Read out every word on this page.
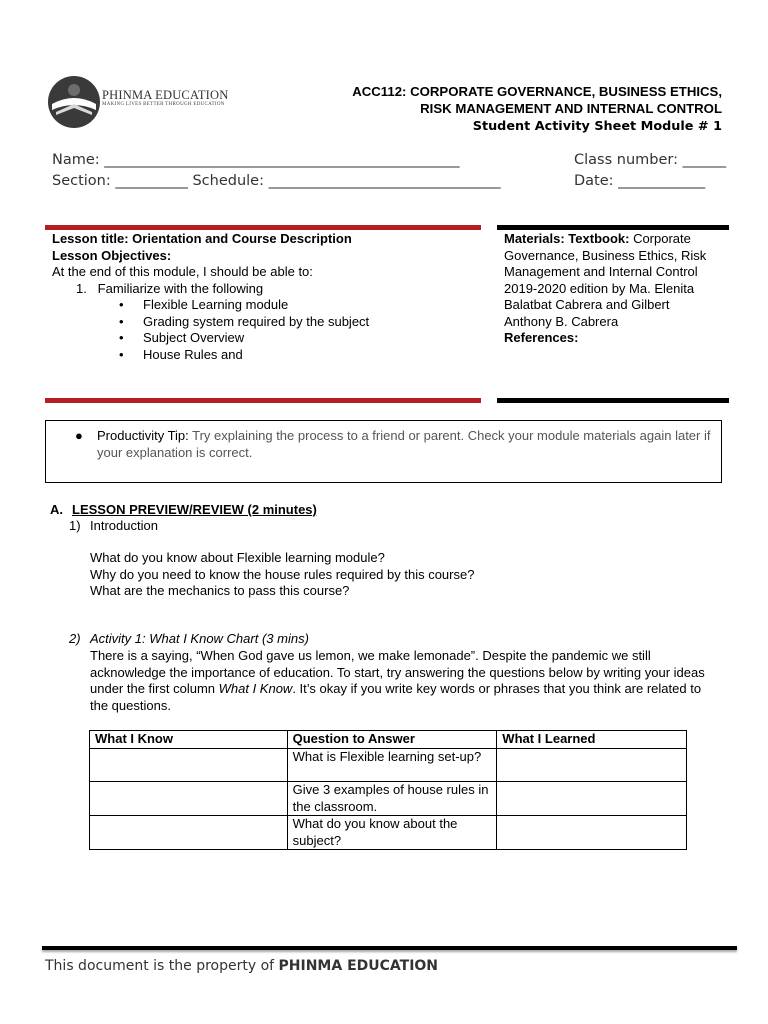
PHINMA EDUCATION
MAKING LIVES BETTER THROUGH EDUCATION
ACC112: CORPORATE GOVERNANCE, BUSINESS ETHICS,
RISK MANAGEMENT AND INTERNAL CONTROL
Student Activity Sheet Module # 1
Name: _________________________________________________
Section: __________ Schedule: ________________________________
Class number: ______
Date: ____________
Lesson title: Orientation and Course Description
Lesson Objectives:
At the end of this module, I should be able to:
1.   Familiarize with the following
• Flexible Learning module
• Grading system required by the subject
• Subject Overview
• House Rules and
Materials: Textbook: Corporate
Governance, Business Ethics, Risk
Management and Internal Control
2019-2020 edition by Ma. Elenita
Balatbat Cabrera and Gilbert
Anthony B. Cabrera
References:
● Productivity Tip: Try explaining the process to a friend or parent. Check your module materials again later if your explanation is correct.
A. LESSON PREVIEW/REVIEW (2 minutes)
1) Introduction
What do you know about Flexible learning module?
Why do you need to know the house rules required by this course?
What are the mechanics to pass this course?
2) Activity 1: What I Know Chart (3 mins)
There is a saying, “When God gave us lemon, we make lemonade”. Despite the pandemic we still acknowledge the importance of education. To start, try answering the questions below by writing your ideas under the first column What I Know. It’s okay if you write key words or phrases that you think are related to the questions.
What I Know	Question to Answer	What I Learned
	What is Flexible learning set-up?	
	Give 3 examples of house rules in the classroom.	
	What do you know about the subject?	
This document is the property of PHINMA EDUCATION
